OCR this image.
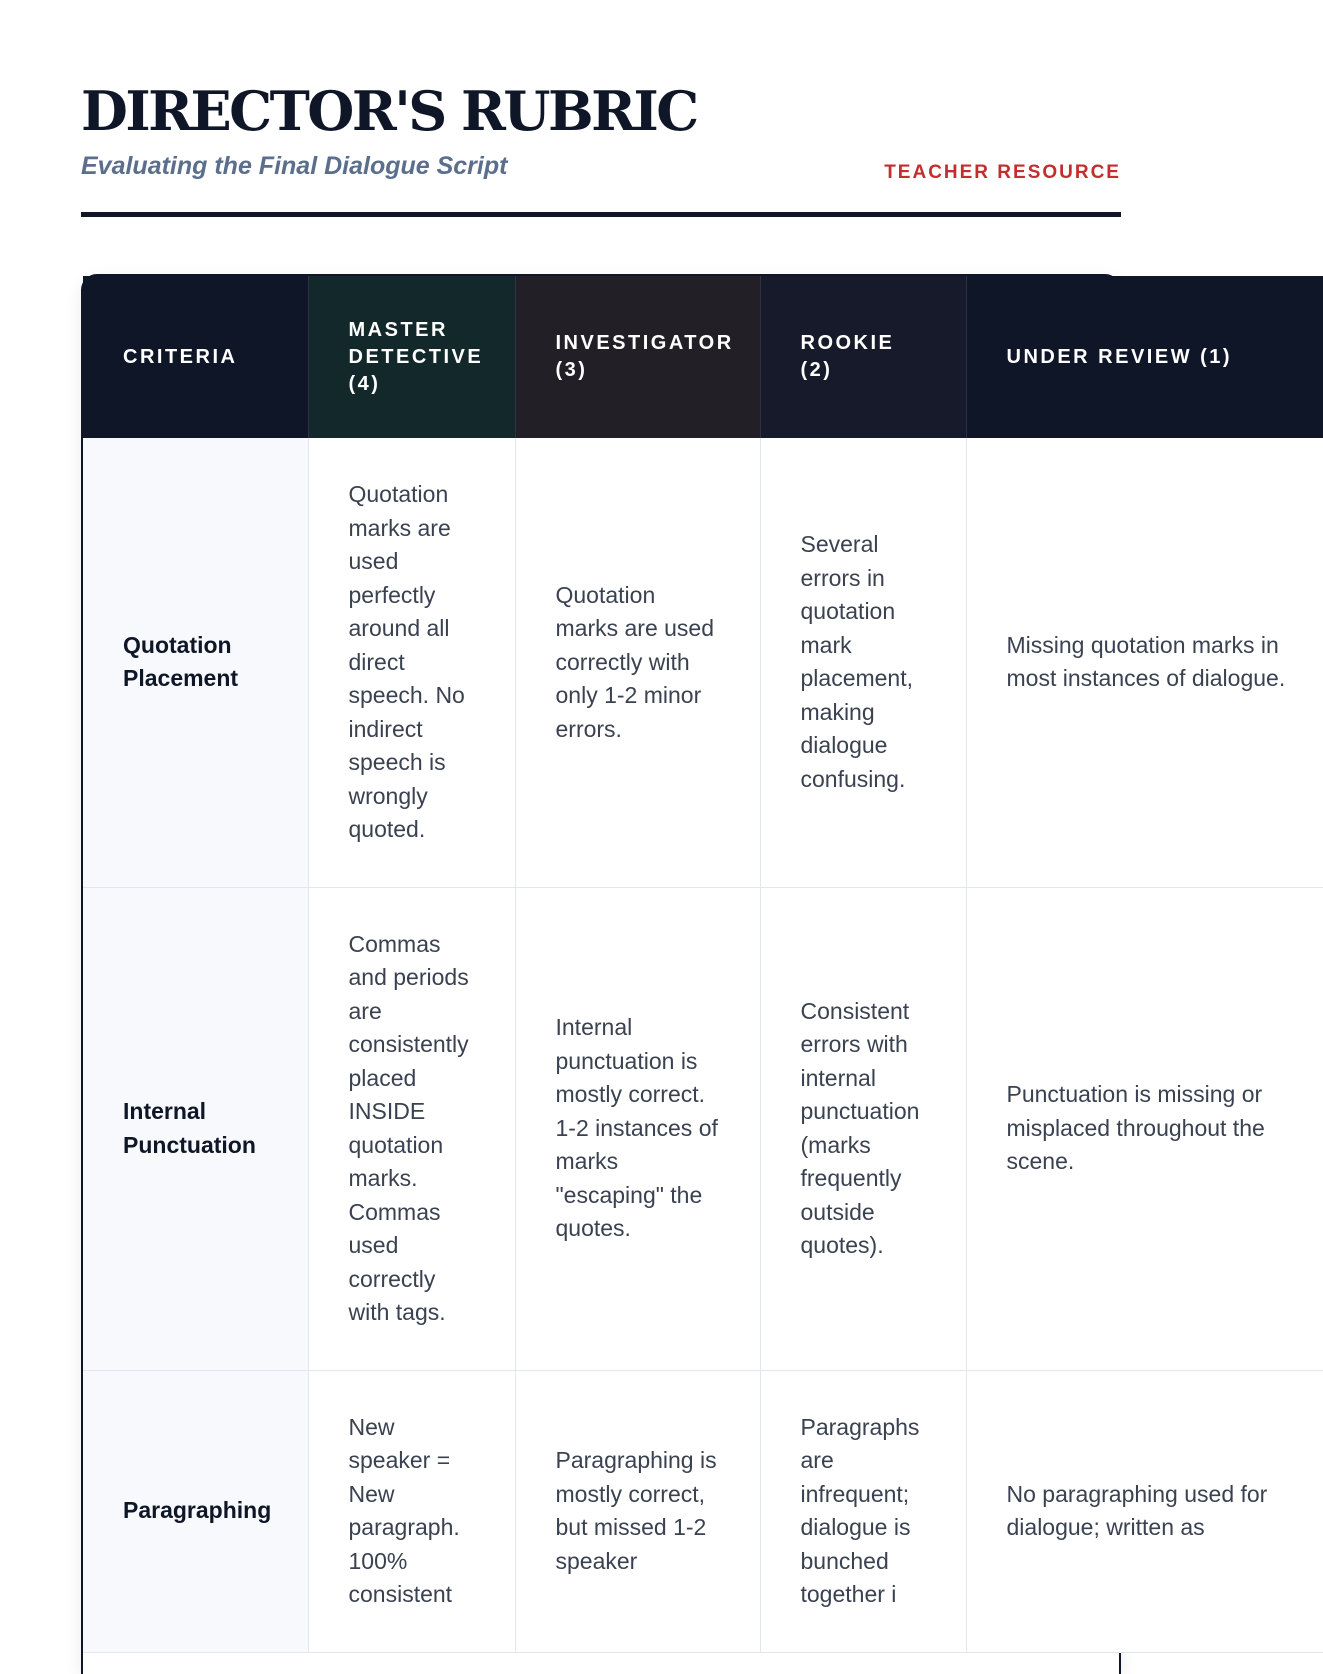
DIRECTOR'S RUBRIC
Evaluating the Final Dialogue Script	TEACHER RESOURCE
CRITERIA	MASTER DETECTIVE (4)	INVESTIGATOR (3)	ROOKIE (2)	UNDER REVIEW (1)
Quotation Placement	Quotation marks are used perfectly around all direct speech. No indirect speech is wrongly quoted.	Quotation marks are used correctly with only 1-2 minor errors.	Several errors in quotation mark placement, making dialogue confusing.	Missing quotation marks in most instances of dialogue.
Internal Punctuation	Commas and periods are consistently placed INSIDE quotation marks. Commas used correctly with tags.	Internal punctuation is mostly correct. 1-2 instances of marks "escaping" the quotes.	Consistent errors with internal punctuation (marks frequently outside quotes).	Punctuation is missing or misplaced throughout the scene.
Paragraphing	New speaker = New paragraph. 100% consistent	Paragraphing is mostly correct, but missed 1-2 speaker	Paragraphs are infrequent; dialogue is bunched together i	No paragraphing used for dialogue; written as
